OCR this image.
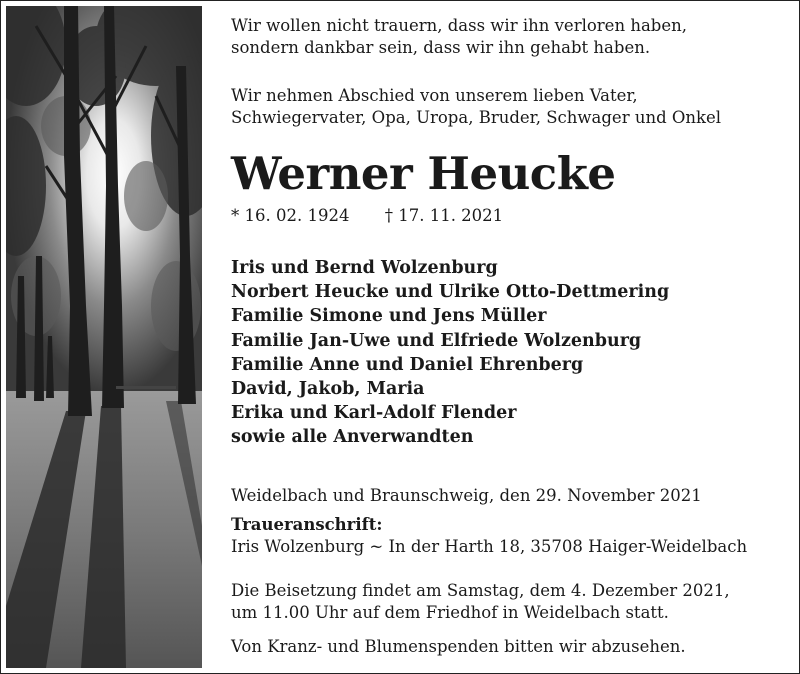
Wir wollen nicht trauern, dass wir ihn verloren haben,
sondern dankbar sein, dass wir ihn gehabt haben.
Wir nehmen Abschied von unserem lieben Vater,
Schwiegervater, Opa, Uropa, Bruder, Schwager und Onkel
Werner Heucke
* 16. 02. 1924 † 17. 11. 2021
Iris und Bernd Wolzenburg
Norbert Heucke und Ulrike Otto-Dettmering
Familie Simone und Jens Müller
Familie Jan-Uwe und Elfriede Wolzenburg
Familie Anne und Daniel Ehrenberg
David, Jakob, Maria
Erika und Karl-Adolf Flender
sowie alle Anverwandten
Weidelbach und Braunschweig, den 29. November 2021
Traueranschrift:
Iris Wolzenburg ~ In der Harth 18, 35708 Haiger-Weidelbach
Die Beisetzung findet am Samstag, dem 4. Dezember 2021,
um 11.00 Uhr auf dem Friedhof in Weidelbach statt.
Von Kranz- und Blumenspenden bitten wir abzusehen.
